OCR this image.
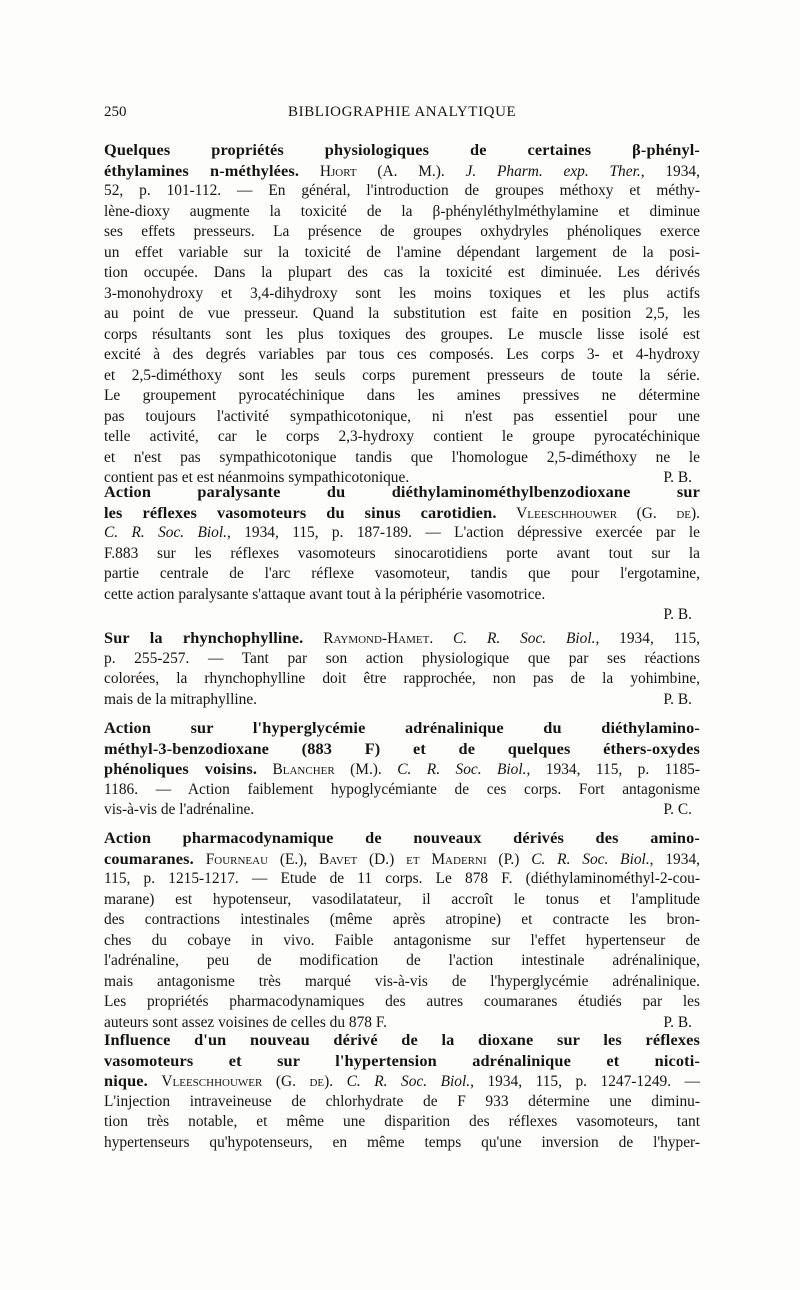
250	BIBLIOGRAPHIE ANALYTIQUE
Quelques propriétés physiologiques de certaines β-phényl-
éthylamines n-méthylées. Hjort (A. M.). J. Pharm. exp. Ther., 1934,
52, p. 101-112. — En général, l'introduction de groupes méthoxy et méthy-
lène-dioxy augmente la toxicité de la β-phényléthylméthylamine et diminue
ses effets presseurs. La présence de groupes oxhydryles phénoliques exerce
un effet variable sur la toxicité de l'amine dépendant largement de la posi-
tion occupée. Dans la plupart des cas la toxicité est diminuée. Les dérivés
3-monohydroxy et 3,4-dihydroxy sont les moins toxiques et les plus actifs
au point de vue presseur. Quand la substitution est faite en position 2,5, les
corps résultants sont les plus toxiques des groupes. Le muscle lisse isolé est
excité à des degrés variables par tous ces composés. Les corps 3- et 4-hydroxy
et 2,5-diméthoxy sont les seuls corps purement presseurs de toute la série.
Le groupement pyrocatéchinique dans les amines pressives ne détermine
pas toujours l'activité sympathicotonique, ni n'est pas essentiel pour une
telle activité, car le corps 2,3-hydroxy contient le groupe pyrocatéchinique
et n'est pas sympathicotonique tandis que l'homologue 2,5-diméthoxy ne le
contient pas et est néanmoins sympathicotonique.	P. B.
Action paralysante du diéthylaminométhylbenzodioxane sur
les réflexes vasomoteurs du sinus carotidien. Vleeschhouwer (G. de).
C. R. Soc. Biol., 1934, 115, p. 187-189. — L'action dépressive exercée par le
F.883 sur les réflexes vasomoteurs sinocarotidiens porte avant tout sur la
partie centrale de l'arc réflexe vasomoteur, tandis que pour l'ergotamine,
cette action paralysante s'attaque avant tout à la périphérie vasomotrice.
P. B.
Sur la rhynchophylline. Raymond-Hamet. C. R. Soc. Biol., 1934, 115,
p. 255-257. — Tant par son action physiologique que par ses réactions
colorées, la rhynchophylline doit être rapprochée, non pas de la yohimbine,
mais de la mitraphylline.	P. B.
Action sur l'hyperglycémie adrénalinique du diéthylamino-
méthyl-3-benzodioxane (883 F) et de quelques éthers-oxydes
phénoliques voisins. Blancher (M.). C. R. Soc. Biol., 1934, 115, p. 1185-
1186. — Action faiblement hypoglycémiante de ces corps. Fort antagonisme
vis-à-vis de l'adrénaline.	P. C.
Action pharmacodynamique de nouveaux dérivés des amino-
coumaranes. Fourneau (E.), Bavet (D.) et Maderni (P.) C. R. Soc. Biol., 1934,
115, p. 1215-1217. — Etude de 11 corps. Le 878 F. (diéthylaminométhyl-2-cou-
marane) est hypotenseur, vasodilatateur, il accroît le tonus et l'amplitude
des contractions intestinales (même après atropine) et contracte les bron-
ches du cobaye in vivo. Faible antagonisme sur l'effet hypertenseur de
l'adrénaline, peu de modification de l'action intestinale adrénalinique,
mais antagonisme très marqué vis-à-vis de l'hyperglycémie adrénalinique.
Les propriétés pharmacodynamiques des autres coumaranes étudiés par les
auteurs sont assez voisines de celles du 878 F.	P. B.
Influence d'un nouveau dérivé de la dioxane sur les réflexes
vasomoteurs et sur l'hypertension adrénalinique et nicoti-
nique. Vleeschhouwer (G. de). C. R. Soc. Biol., 1934, 115, p. 1247-1249. —
L'injection intraveineuse de chlorhydrate de F 933 détermine une diminu-
tion très notable, et même une disparition des réflexes vasomoteurs, tant
hypertenseurs qu'hypotenseurs, en même temps qu'une inversion de l'hyper-
